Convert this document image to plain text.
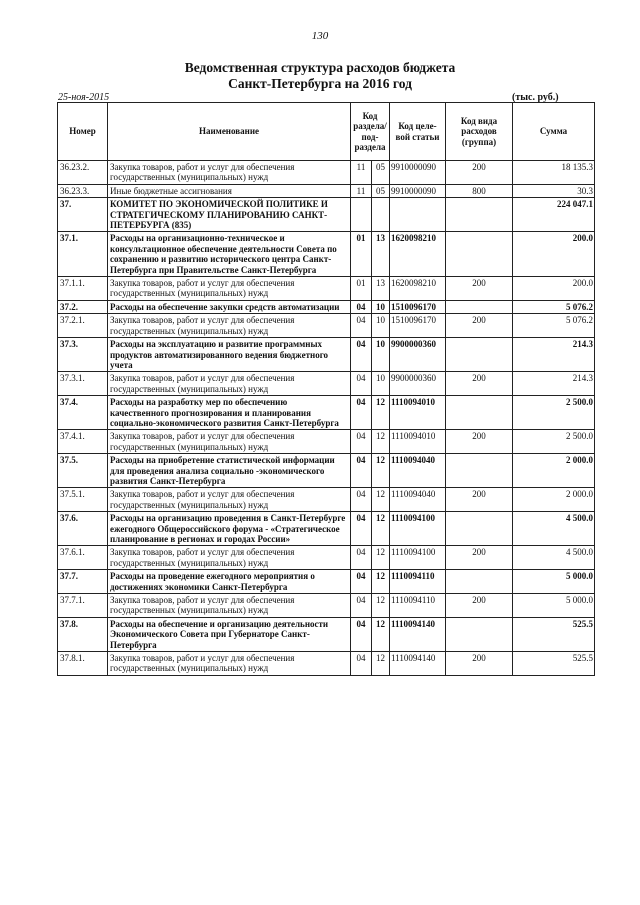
130
Ведомственная структура расходов бюджета
Санкт-Петербурга на 2016 год
25-ноя-2015	(тыс. руб.)
Номер	Наименование	Код раздела/ под- раздела		Код целе- вой статьи	Код вида расходов (группа)	Сумма
36.23.2.	Закупка товаров, работ и услуг для обеспечения государственных (муниципальных) нужд	11	05	9910000090	200	18 135.3
36.23.3.	Иные бюджетные ассигнования	11	05	9910000090	800	30.3
37.	КОМИТЕТ ПО ЭКОНОМИЧЕСКОЙ ПОЛИТИКЕ И СТРАТЕГИЧЕСКОМУ ПЛАНИРОВАНИЮ САНКТ-ПЕТЕРБУРГА (835)					224 047.1
37.1.	Расходы на организационно-техническое и консультационное обеспечение деятельности Совета по сохранению и развитию исторического центра Санкт-Петербурга при Правительстве Санкт-Петербурга	01	13	1620098210		200.0
37.1.1.	Закупка товаров, работ и услуг для обеспечения государственных (муниципальных) нужд	01	13	1620098210	200	200.0
37.2.	Расходы на обеспечение закупки средств автоматизации	04	10	1510096170		5 076.2
37.2.1.	Закупка товаров, работ и услуг для обеспечения государственных (муниципальных) нужд	04	10	1510096170	200	5 076.2
37.3.	Расходы на эксплуатацию и развитие программных продуктов автоматизированного ведения бюджетного учета	04	10	9900000360		214.3
37.3.1.	Закупка товаров, работ и услуг для обеспечения государственных (муниципальных) нужд	04	10	9900000360	200	214.3
37.4.	Расходы на разработку мер по обеспечению качественного прогнозирования и планирования социально-экономического развития Санкт-Петербурга	04	12	1110094010		2 500.0
37.4.1.	Закупка товаров, работ и услуг для обеспечения государственных (муниципальных) нужд	04	12	1110094010	200	2 500.0
37.5.	Расходы на приобретение статистической информации для проведения анализа социально -экономического развития Санкт-Петербурга	04	12	1110094040		2 000.0
37.5.1.	Закупка товаров, работ и услуг для обеспечения государственных (муниципальных) нужд	04	12	1110094040	200	2 000.0
37.6.	Расходы на организацию проведения в Санкт-Петербурге ежегодного Общероссийского форума - «Стратегическое планирование в регионах и городах России»	04	12	1110094100		4 500.0
37.6.1.	Закупка товаров, работ и услуг для обеспечения государственных (муниципальных) нужд	04	12	1110094100	200	4 500.0
37.7.	Расходы на проведение ежегодного мероприятия о достижениях экономики Санкт-Петербурга	04	12	1110094110		5 000.0
37.7.1.	Закупка товаров, работ и услуг для обеспечения государственных (муниципальных) нужд	04	12	1110094110	200	5 000.0
37.8.	Расходы на обеспечение и организацию деятельности Экономического Совета при Губернаторе Санкт-Петербурга	04	12	1110094140		525.5
37.8.1.	Закупка товаров, работ и услуг для обеспечения государственных (муниципальных) нужд	04	12	1110094140	200	525.5
